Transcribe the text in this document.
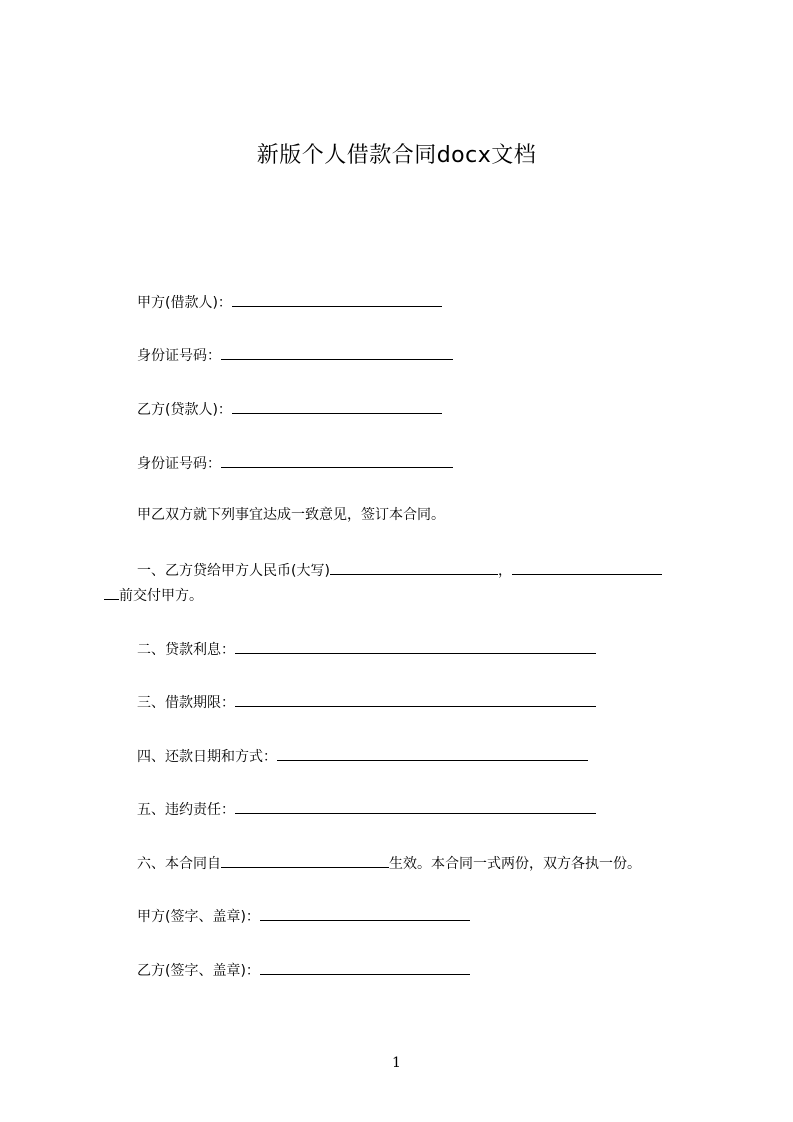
新版个人借款合同docx文档
甲方(借款人)：
身份证号码：
乙方(贷款人)：
身份证号码：
甲乙双方就下列事宜达成一致意见，签订本合同。
一、乙方贷给甲方人民币(大写)	，
前交付甲方。
二、贷款利息：
三、借款期限：
四、还款日期和方式：
五、违约责任：
六、本合同自	生效。本合同一式两份，双方各执一份。
甲方(签字、盖章)：
乙方(签字、盖章)：
1
